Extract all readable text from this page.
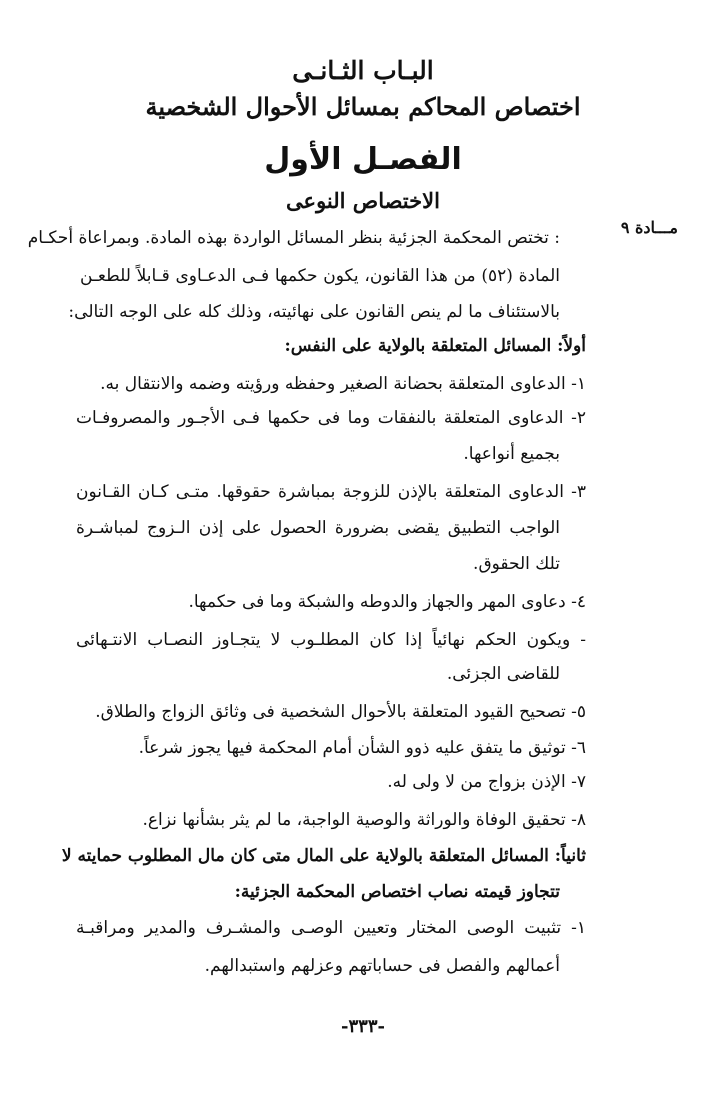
البـاب الثـانـى

اختصاص المحاكم بمسائل الأحوال الشخصية

الفصـل الأول

الاختصاص النوعى

مـــادة ٩

: تختص المحكمة الجزئية بنظر المسائل الواردة بهذه المادة. وبمراعاة أحكـام

المادة (٥٢) من هذا القانون، يكون حكمها فـى الدعـاوى قـابلاً للطعـن

بالاستئناف ما لم ينص القانون على نهائيته، وذلك كله على الوجه التالى:

أولاً: المسائل المتعلقة بالولاية على النفس:

١- الدعاوى المتعلقة بحضانة الصغير وحفظه ورؤيته وضمه والانتقال به.

٢- الدعاوى المتعلقة بالنفقات وما فى حكمها فـى الأجـور والمصروفـات

بجميع أنواعها.

٣- الدعاوى المتعلقة بالإذن للزوجة بمباشرة حقوقها. متـى كـان القـانون

الواجب التطبيق يقضى بضرورة الحصول على إذن الـزوج لمباشـرة

تلك الحقوق.

٤- دعاوى المهر والجهاز والدوطه والشبكة وما فى حكمها.

- ويكون الحكم نهائياً إذا كان المطلـوب لا يتجـاوز النصـاب الانتـهائى

للقاضى الجزئى.

٥- تصحيح القيود المتعلقة بالأحوال الشخصية فى وثائق الزواج والطلاق.

٦- توثيق ما يتفق عليه ذوو الشأن أمام المحكمة فيها يجوز شرعاً.

٧- الإذن بزواج من لا ولى له.

٨- تحقيق الوفاة والوراثة والوصية الواجبة، ما لم يثر بشأنها نزاع.

ثانياً: المسائل المتعلقة بالولاية على المال متى كان مال المطلوب حمايته لا

تتجاوز قيمته نصاب اختصاص المحكمة الجزئية:

١- تثبيت الوصى المختار وتعيين الوصـى والمشـرف والمدير ومراقبـة

أعمالهم والفصل فى حساباتهم وعزلهم واستبدالهم.

-٣٣٣-
